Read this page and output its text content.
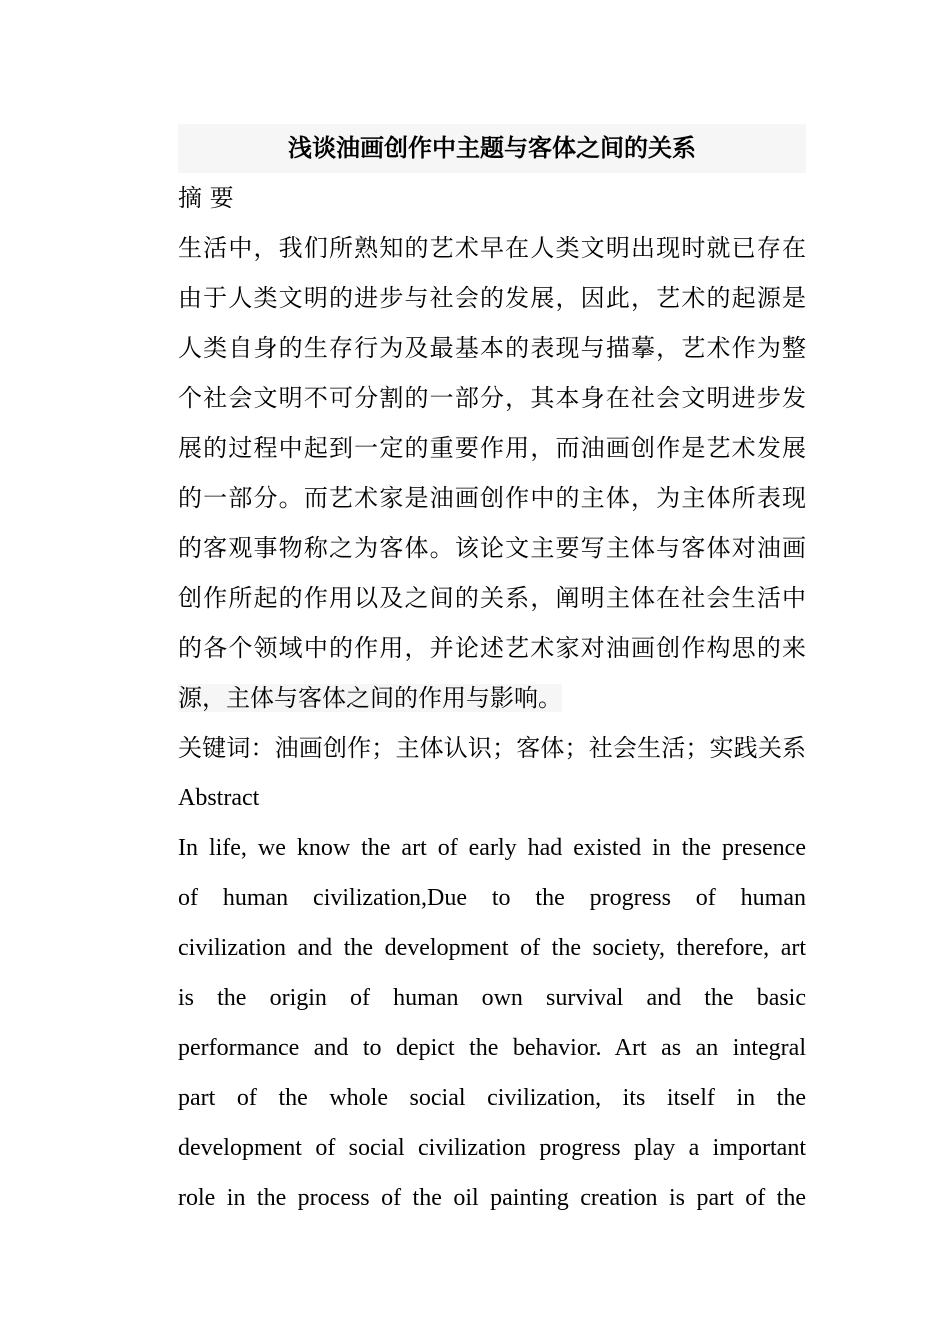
浅谈油画创作中主题与客体之间的关系

摘 要

生活中，我们所熟知的艺术早在人类文明出现时就已存在

由于人类文明的进步与社会的发展，因此，艺术的起源是

人类自身的生存行为及最基本的表现与描摹，艺术作为整

个社会文明不可分割的一部分，其本身在社会文明进步发

展的过程中起到一定的重要作用，而油画创作是艺术发展

的一部分。而艺术家是油画创作中的主体，为主体所表现

的客观事物称之为客体。该论文主要写主体与客体对油画

创作所起的作用以及之间的关系，阐明主体在社会生活中

的各个领域中的作用，并论述艺术家对油画创作构思的来

源，主体与客体之间的作用与影响。

关键词：油画创作；主体认识；客体；社会生活；实践关系

Abstract

In life, we know the art of early had existed in the presence

of human civilization,Due to the progress of human

civilization and the development of the society, therefore, art

is the origin of human own survival and the basic

performance and to depict the behavior. Art as an integral

part of the whole social civilization, its itself in the

development of social civilization progress play a important

role in the process of the oil painting creation is part of the
